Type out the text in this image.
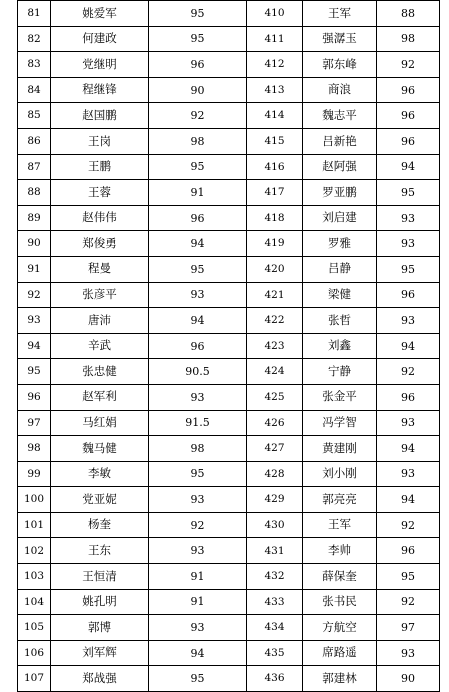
81	姚爱军	95	410	王军	88
82	何建政	95	411	强潺玉	98
83	党继明	96	412	郭东峰	92
84	程继锋	90	413	商浪	96
85	赵国鹏	92	414	魏志平	96
86	王岗	98	415	吕新艳	96
87	王鹏	95	416	赵阿强	94
88	王蓉	91	417	罗亚鹏	95
89	赵伟伟	96	418	刘启建	93
90	郑俊勇	94	419	罗雅	93
91	程曼	95	420	吕静	95
92	张彦平	93	421	梁健	96
93	唐沛	94	422	张哲	93
94	辛武	96	423	刘鑫	94
95	张忠健	90.5	424	宁静	92
96	赵军利	93	425	张金平	96
97	马红娟	91.5	426	冯学智	93
98	魏马健	98	427	黄建刚	94
99	李敏	95	428	刘小刚	93
100	党亚妮	93	429	郭亮亮	94
101	杨奎	92	430	王军	92
102	王东	93	431	李帅	96
103	王恒清	91	432	薛保奎	95
104	姚孔明	91	433	张书民	92
105	郭博	93	434	方航空	97
106	刘军辉	94	435	席路遥	93
107	郑战强	95	436	郭建林	90
